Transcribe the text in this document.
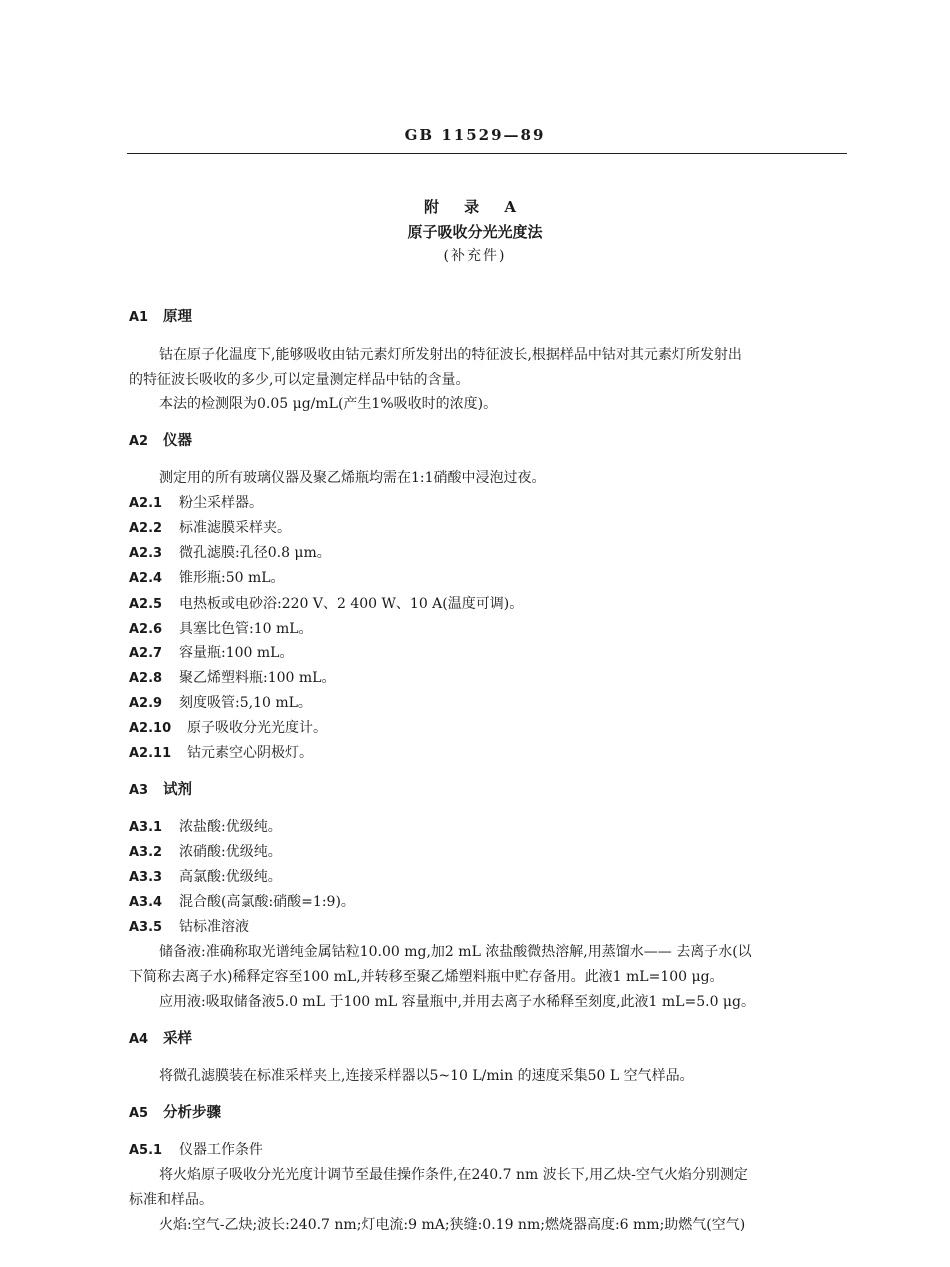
GB 11529—89
附 录 A
原子吸收分光光度法
(补充件)
A1 原理
钴在原子化温度下,能够吸收由钴元素灯所发射出的特征波长,根据样品中钴对其元素灯所发射出
的特征波长吸收的多少,可以定量测定样品中钴的含量。
本法的检测限为0.05 μg/mL(产生1%吸收时的浓度)。
A2 仪器
测定用的所有玻璃仪器及聚乙烯瓶均需在1:1硝酸中浸泡过夜。
A2.1 粉尘采样器。
A2.2 标准滤膜采样夹。
A2.3 微孔滤膜:孔径0.8 μm。
A2.4 锥形瓶:50 mL。
A2.5 电热板或电砂浴:220 V、2 400 W、10 A(温度可调)。
A2.6 具塞比色管:10 mL。
A2.7 容量瓶:100 mL。
A2.8 聚乙烯塑料瓶:100 mL。
A2.9 刻度吸管:5,10 mL。
A2.10 原子吸收分光光度计。
A2.11 钴元素空心阴极灯。
A3 试剂
A3.1 浓盐酸:优级纯。
A3.2 浓硝酸:优级纯。
A3.3 高氯酸:优级纯。
A3.4 混合酸(高氯酸:硝酸=1:9)。
A3.5 钴标准溶液
储备液:准确称取光谱纯金属钴粒10.00 mg,加2 mL 浓盐酸微热溶解,用蒸馏水—— 去离子水(以
下简称去离子水)稀释定容至100 mL,并转移至聚乙烯塑料瓶中贮存备用。此液1 mL=100 μg。
应用液:吸取储备液5.0 mL 于100 mL 容量瓶中,并用去离子水稀释至刻度,此液1 mL=5.0 μg。
A4 采样
将微孔滤膜装在标准采样夹上,连接采样器以5~10 L/min 的速度采集50 L 空气样品。
A5 分析步骤
A5.1 仪器工作条件
将火焰原子吸收分光光度计调节至最佳操作条件,在240.7 nm 波长下,用乙炔-空气火焰分别测定
标准和样品。
火焰:空气-乙炔;波长:240.7 nm;灯电流:9 mA;狭缝:0.19 nm;燃烧器高度:6 mm;助燃气(空气)
